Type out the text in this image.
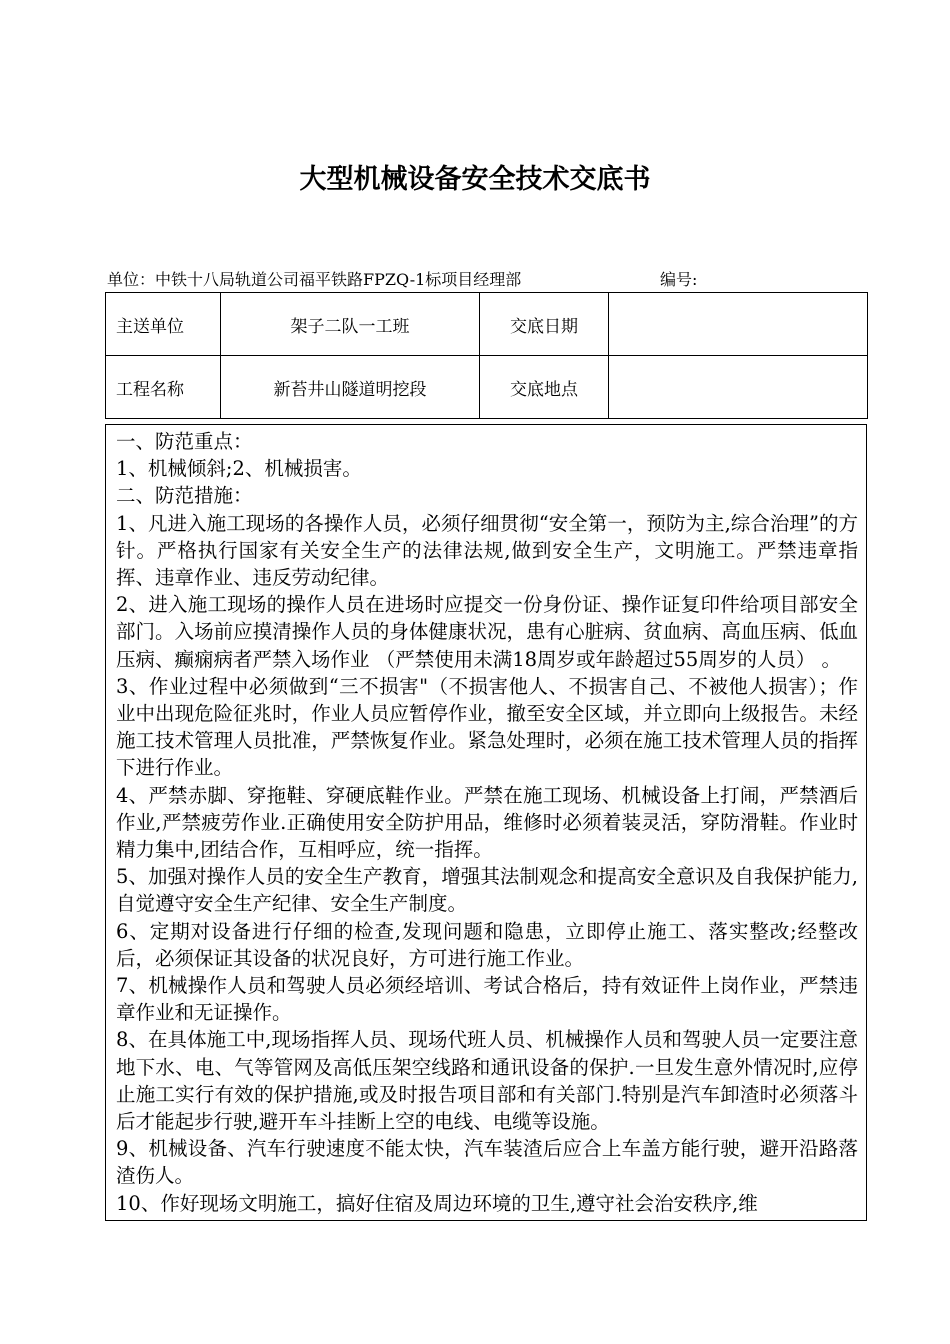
大型机械设备安全技术交底书
单位：中铁十八局轨道公司福平铁路FPZQ-1标项目经理部	编号:
主送单位	架子二队一工班	交底日期	
工程名称	新苔井山隧道明挖段	交底地点	

一、防范重点：

1、机械倾斜;2、机械损害。

二、防范措施：

1、凡进入施工现场的各操作人员，必须仔细贯彻“安全第一，预防为主,综合治理”的方针。严格执行国家有关安全生产的法律法规,做到安全生产，文明施工。严禁违章指挥、违章作业、违反劳动纪律。

2、进入施工现场的操作人员在进场时应提交一份身份证、操作证复印件给项目部安全部门。入场前应摸清操作人员的身体健康状况，患有心脏病、贫血病、高血压病、低血压病、癫痫病者严禁入场作业 （严禁使用未满18周岁或年龄超过55周岁的人员） 。

3、作业过程中必须做到“三不损害"（不损害他人、不损害自己、不被他人损害）；作业中出现危险征兆时，作业人员应暂停作业，撤至安全区域，并立即向上级报告。未经施工技术管理人员批准，严禁恢复作业。紧急处理时，必须在施工技术管理人员的指挥下进行作业。

4、严禁赤脚、穿拖鞋、穿硬底鞋作业。严禁在施工现场、机械设备上打闹，严禁酒后作业,严禁疲劳作业.正确使用安全防护用品，维修时必须着装灵活，穿防滑鞋。作业时精力集中,团结合作，互相呼应，统一指挥。

5、加强对操作人员的安全生产教育，增强其法制观念和提高安全意识及自我保护能力,自觉遵守安全生产纪律、安全生产制度。

6、定期对设备进行仔细的检查,发现问题和隐患，立即停止施工、落实整改;经整改后，必须保证其设备的状况良好，方可进行施工作业。

7、机械操作人员和驾驶人员必须经培训、考试合格后，持有效证件上岗作业，严禁违章作业和无证操作。

8、在具体施工中,现场指挥人员、现场代班人员、机械操作人员和驾驶人员一定要注意地下水、电、气等管网及高低压架空线路和通讯设备的保护.一旦发生意外情况时,应停止施工实行有效的保护措施,或及时报告项目部和有关部门.特别是汽车卸渣时必须落斗后才能起步行驶,避开车斗挂断上空的电线、电缆等设施。

9、机械设备、汽车行驶速度不能太快，汽车装渣后应合上车盖方能行驶，避开沿路落渣伤人。

10、作好现场文明施工，搞好住宿及周边环境的卫生,遵守社会治安秩序,维
